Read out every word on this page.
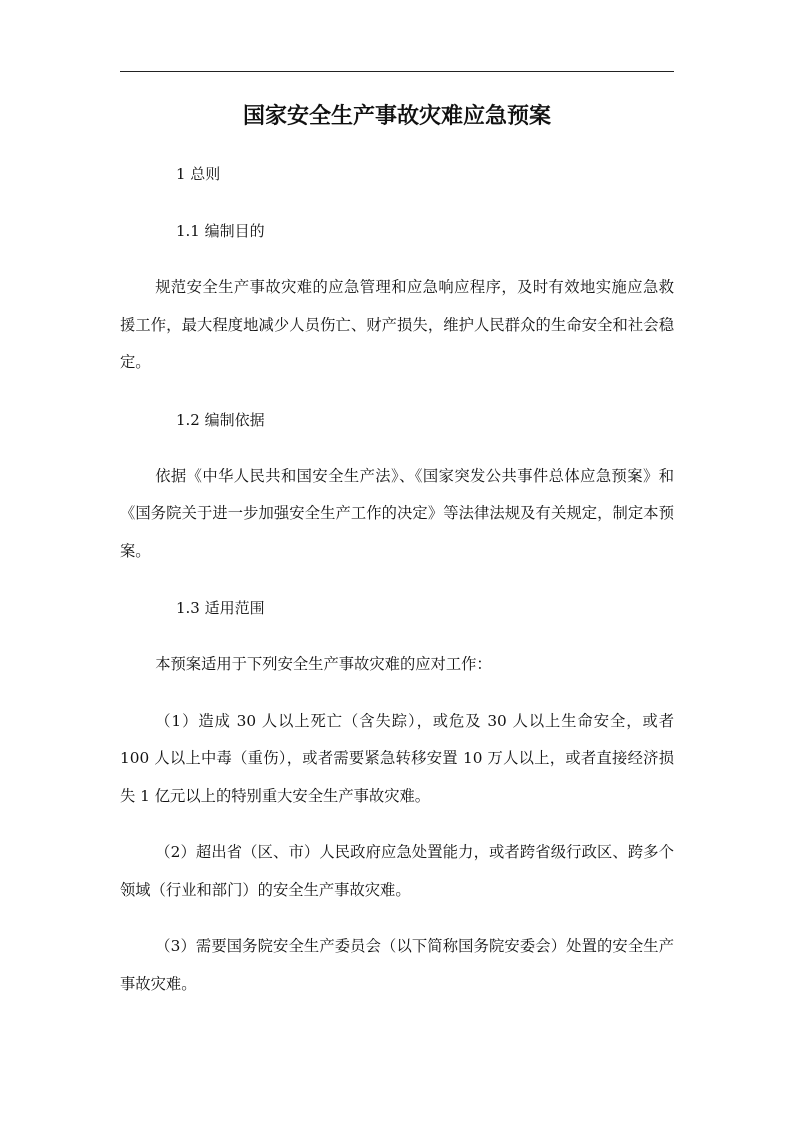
国家安全生产事故灾难应急预案

1 总则

1.1 编制目的

规范安全生产事故灾难的应急管理和应急响应程序，及时有效地实施应急救援工作，最大程度地减少人员伤亡、财产损失，维护人民群众的生命安全和社会稳定。

1.2 编制依据

依据《中华人民共和国安全生产法》、《国家突发公共事件总体应急预案》和《国务院关于进一步加强安全生产工作的决定》等法律法规及有关规定，制定本预案。

1.3 适用范围

本预案适用于下列安全生产事故灾难的应对工作：

（1）造成 30 人以上死亡（含失踪），或危及 30 人以上生命安全，或者 100 人以上中毒（重伤），或者需要紧急转移安置 10 万人以上，或者直接经济损失 1 亿元以上的特别重大安全生产事故灾难。

（2）超出省（区、市）人民政府应急处置能力，或者跨省级行政区、跨多个领域（行业和部门）的安全生产事故灾难。

（3）需要国务院安全生产委员会（以下简称国务院安委会）处置的安全生产事故灾难。
